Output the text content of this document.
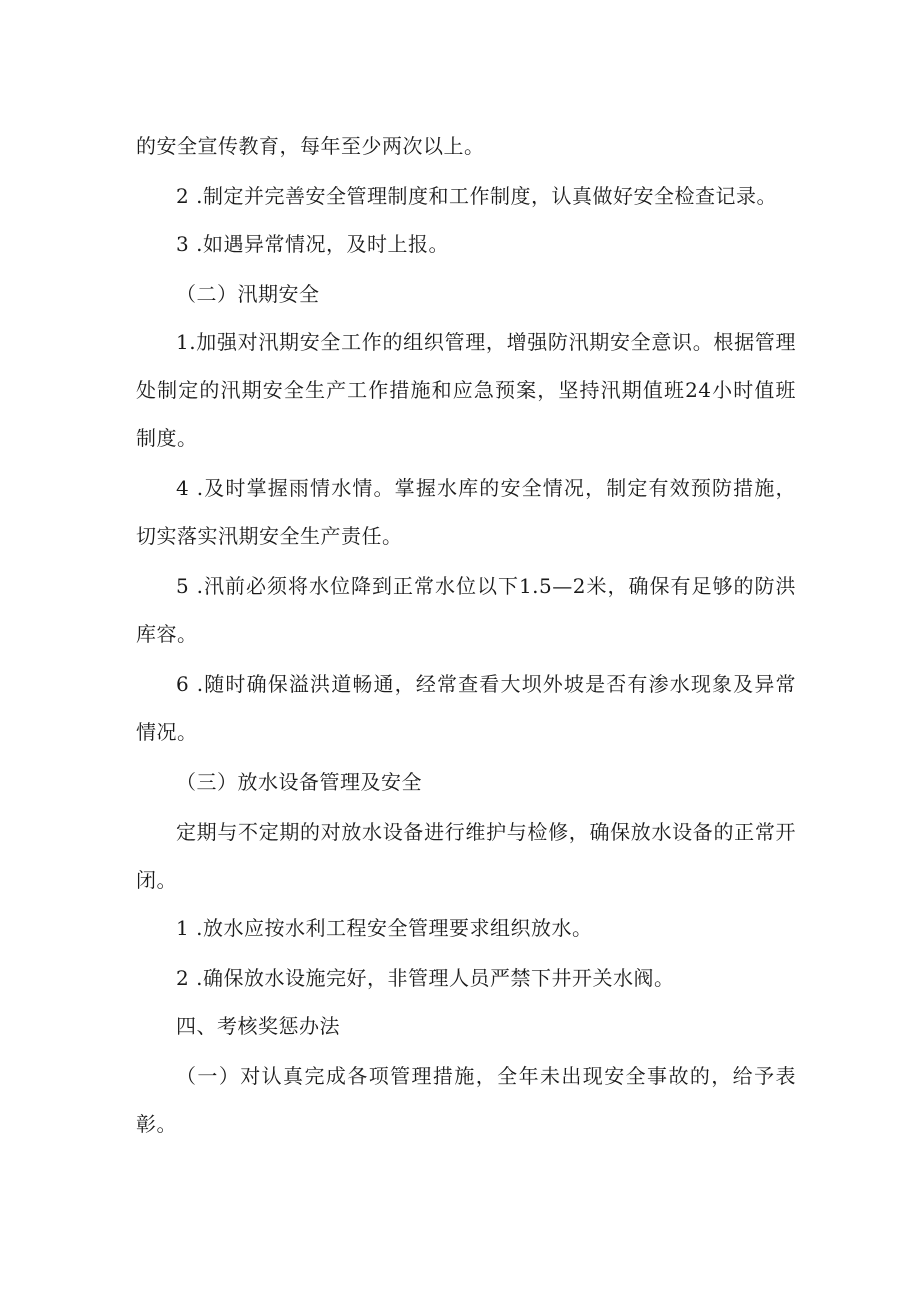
的安全宣传教育，每年至少两次以上。

2 .制定并完善安全管理制度和工作制度，认真做好安全检查记录。

3 .如遇异常情况，及时上报。

（二）汛期安全

1.加强对汛期安全工作的组织管理，增强防汛期安全意识。根据管理处制定的汛期安全生产工作措施和应急预案，坚持汛期值班24小时值班制度。

4 .及时掌握雨情水情。掌握水库的安全情况，制定有效预防措施，切实落实汛期安全生产责任。

5 .汛前必须将水位降到正常水位以下1.5—2米，确保有足够的防洪库容。

6 .随时确保溢洪道畅通，经常查看大坝外坡是否有渗水现象及异常情况。

（三）放水设备管理及安全

定期与不定期的对放水设备进行维护与检修，确保放水设备的正常开闭。

1 .放水应按水利工程安全管理要求组织放水。

2 .确保放水设施完好，非管理人员严禁下井开关水阀。

四、考核奖惩办法

（一）对认真完成各项管理措施，全年未出现安全事故的，给予表彰。
